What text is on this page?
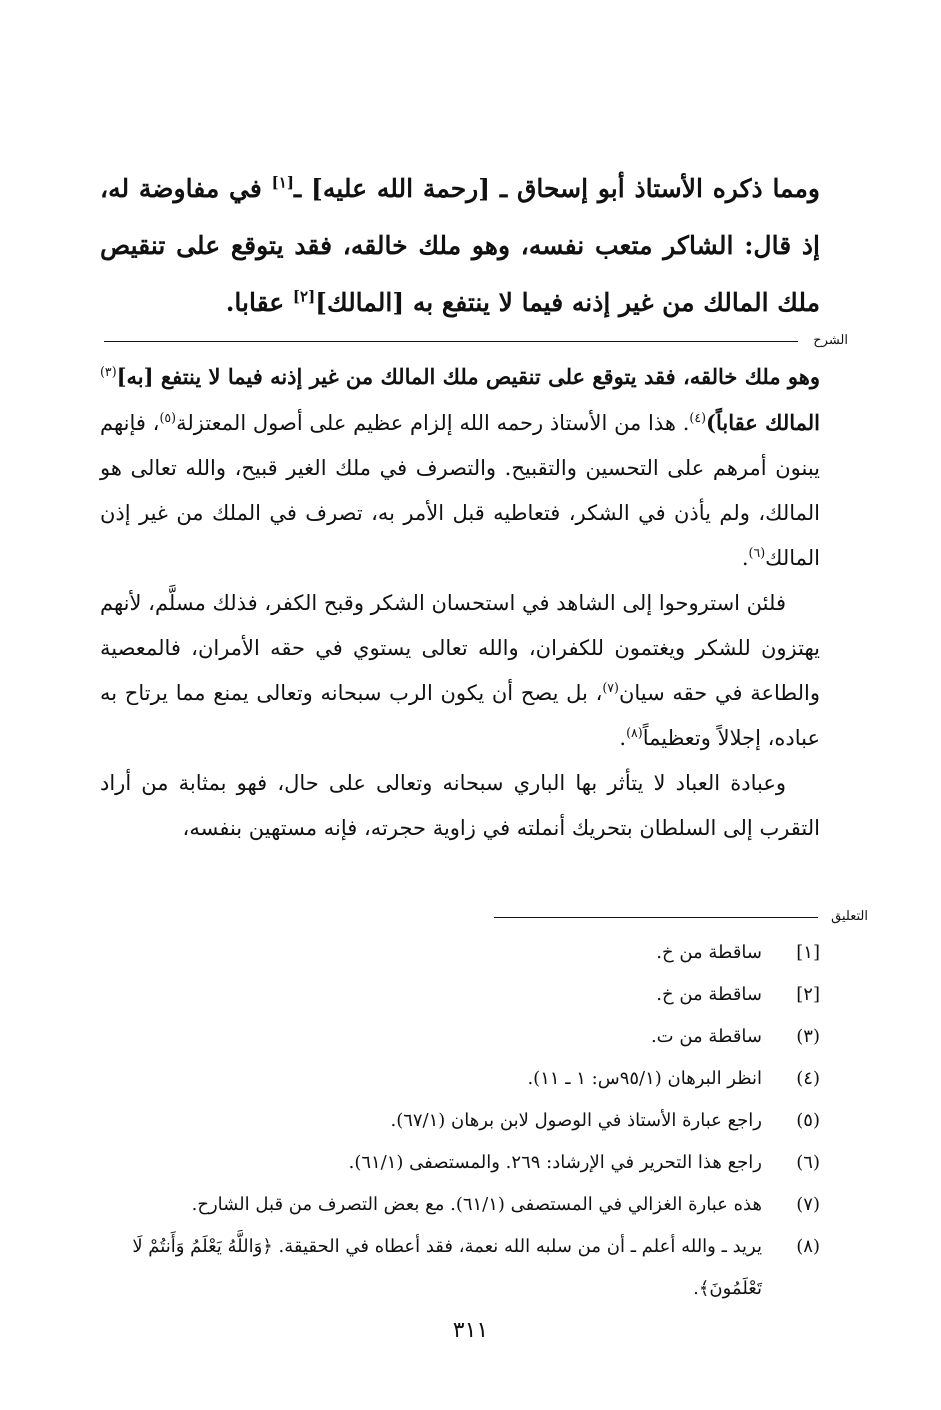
ومما ذكره الأستاذ أبو إسحاق ـ [رحمة الله عليه] ـ[١] في مفاوضة له، إذ قال: الشاكر متعب نفسه، وهو ملك خالقه، فقد يتوقع على تنقيص ملك المالك من غير إذنه فيما لا ينتفع به [المالك][٢] عقابا.
الشرح

وهو ملك خالقه، فقد يتوقع على تنقيص ملك المالك من غير إذنه فيما لا ينتفع [به]$^{(٣)}$ المالك عقاباً)$^{(٤)}$. هذا من الأستاذ رحمه الله إلزام عظيم على أصول المعتزلة$^{(٥)}$، فإنهم يبنون أمرهم على التحسين والتقبيح. والتصرف في ملك الغير قبيح، والله تعالى هو المالك، ولم يأذن في الشكر، فتعاطيه قبل الأمر به، تصرف في الملك من غير إذن المالك$^{(٦)}$.

فلئن استروحوا إلى الشاهد في استحسان الشكر وقبح الكفر، فذلك مسلَّم، لأنهم يهتزون للشكر ويغتمون للكفران، والله تعالى يستوي في حقه الأمران، فالمعصية والطاعة في حقه سيان$^{(٧)}$، بل يصح أن يكون الرب سبحانه وتعالى يمنع مما يرتاح به عباده، إجلالاً وتعظيماً$^{(٨)}$.

وعبادة العباد لا يتأثر بها الباري سبحانه وتعالى على حال، فهو بمثابة من أراد التقرب إلى السلطان بتحريك أنملته في زاوية حجرته، فإنه مستهين بنفسه،

التعليق
[١]
ساقطة من خ.
[٢]
ساقطة من خ.
(٣)
ساقطة من ت.
(٤)
انظر البرهان (٩٥/١س: ١ ـ ١١).
(٥)
راجع عبارة الأستاذ في الوصول لابن برهان (٦٧/١).
(٦)
راجع هذا التحرير في الإرشاد: ٢٦٩. والمستصفى (٦١/١).
(٧)
هذه عبارة الغزالي في المستصفى (٦١/١). مع بعض التصرف من قبل الشارح.
(٨)
يريد ـ والله أعلم ـ أن من سلبه الله نعمة، فقد أعطاه في الحقيقة. ﴿وَاللَّهُ يَعْلَمُ وَأَنتُمْ لَا تَعْلَمُونَ﴾.
٣١١
